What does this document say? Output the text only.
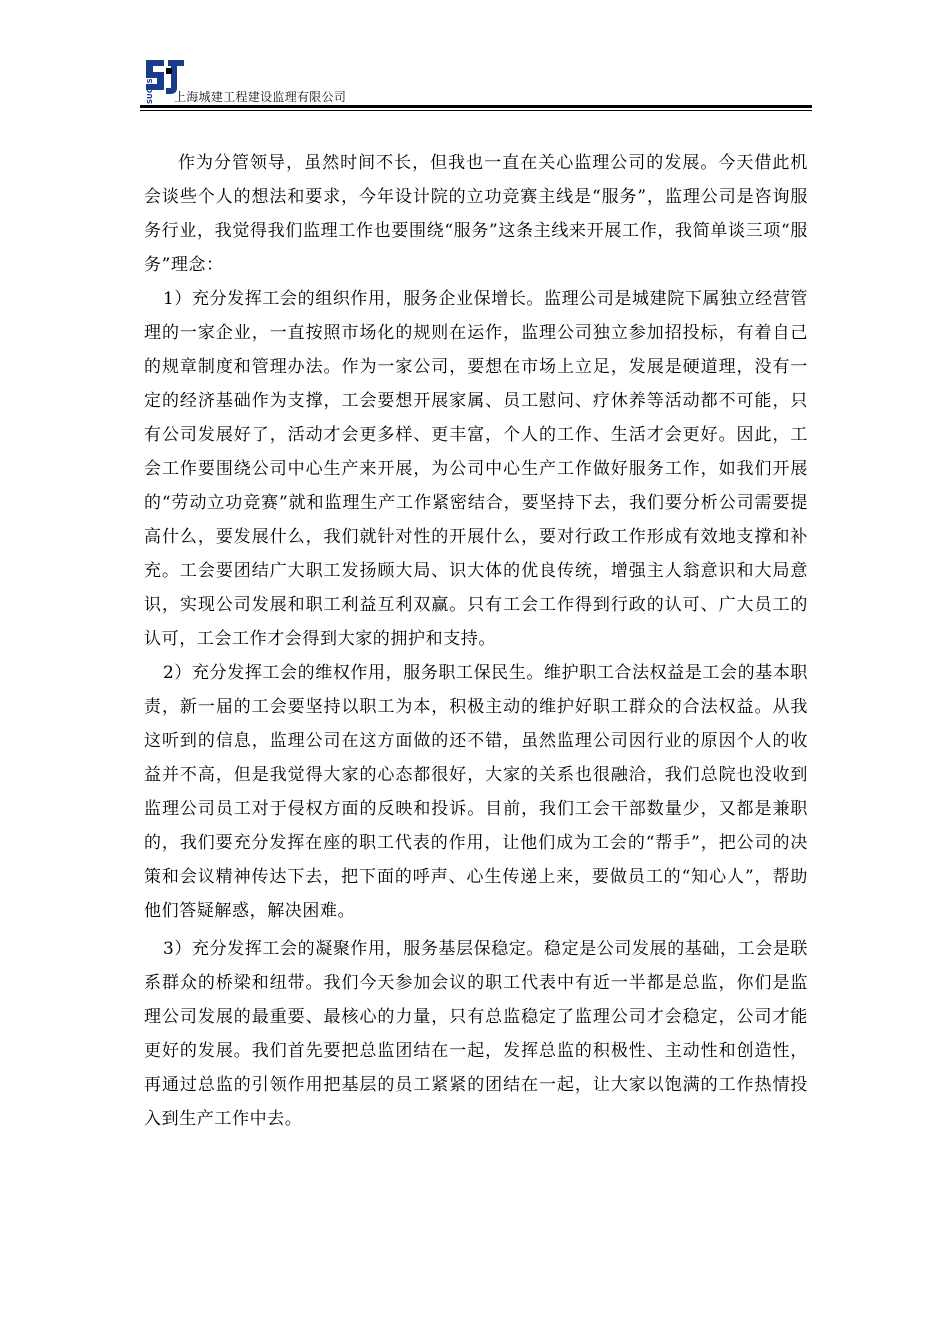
SUCES 上海城建工程建设监理有限公司

作为分管领导，虽然时间不长，但我也一直在关心监理公司的发展。今天借此机会谈些个人的想法和要求，今年设计院的立功竞赛主线是“服务”，监理公司是咨询服务行业，我觉得我们监理工作也要围绕“服务”这条主线来开展工作，我简单谈三项“服务”理念：

1）充分发挥工会的组织作用，服务企业保增长。监理公司是城建院下属独立经营管理的一家企业，一直按照市场化的规则在运作，监理公司独立参加招投标，有着自己的规章制度和管理办法。作为一家公司，要想在市场上立足，发展是硬道理，没有一定的经济基础作为支撑，工会要想开展家属、员工慰问、疗休养等活动都不可能，只有公司发展好了，活动才会更多样、更丰富，个人的工作、生活才会更好。因此，工会工作要围绕公司中心生产来开展，为公司中心生产工作做好服务工作，如我们开展的“劳动立功竞赛”就和监理生产工作紧密结合，要坚持下去，我们要分析公司需要提高什么，要发展什么，我们就针对性的开展什么，要对行政工作形成有效地支撑和补充。工会要团结广大职工发扬顾大局、识大体的优良传统，增强主人翁意识和大局意识，实现公司发展和职工利益互利双赢。只有工会工作得到行政的认可、广大员工的认可，工会工作才会得到大家的拥护和支持。

2）充分发挥工会的维权作用，服务职工保民生。维护职工合法权益是工会的基本职责，新一届的工会要坚持以职工为本，积极主动的维护好职工群众的合法权益。从我这听到的信息，监理公司在这方面做的还不错，虽然监理公司因行业的原因个人的收益并不高，但是我觉得大家的心态都很好，大家的关系也很融洽，我们总院也没收到监理公司员工对于侵权方面的反映和投诉。目前，我们工会干部数量少，又都是兼职的，我们要充分发挥在座的职工代表的作用，让他们成为工会的“帮手”，把公司的决策和会议精神传达下去，把下面的呼声、心生传递上来，要做员工的“知心人”，帮助他们答疑解惑，解决困难。

3）充分发挥工会的凝聚作用，服务基层保稳定。稳定是公司发展的基础，工会是联系群众的桥梁和纽带。我们今天参加会议的职工代表中有近一半都是总监，你们是监理公司发展的最重要、最核心的力量，只有总监稳定了监理公司才会稳定，公司才能更好的发展。我们首先要把总监团结在一起，发挥总监的积极性、主动性和创造性，再通过总监的引领作用把基层的员工紧紧的团结在一起，让大家以饱满的工作热情投入到生产工作中去。
